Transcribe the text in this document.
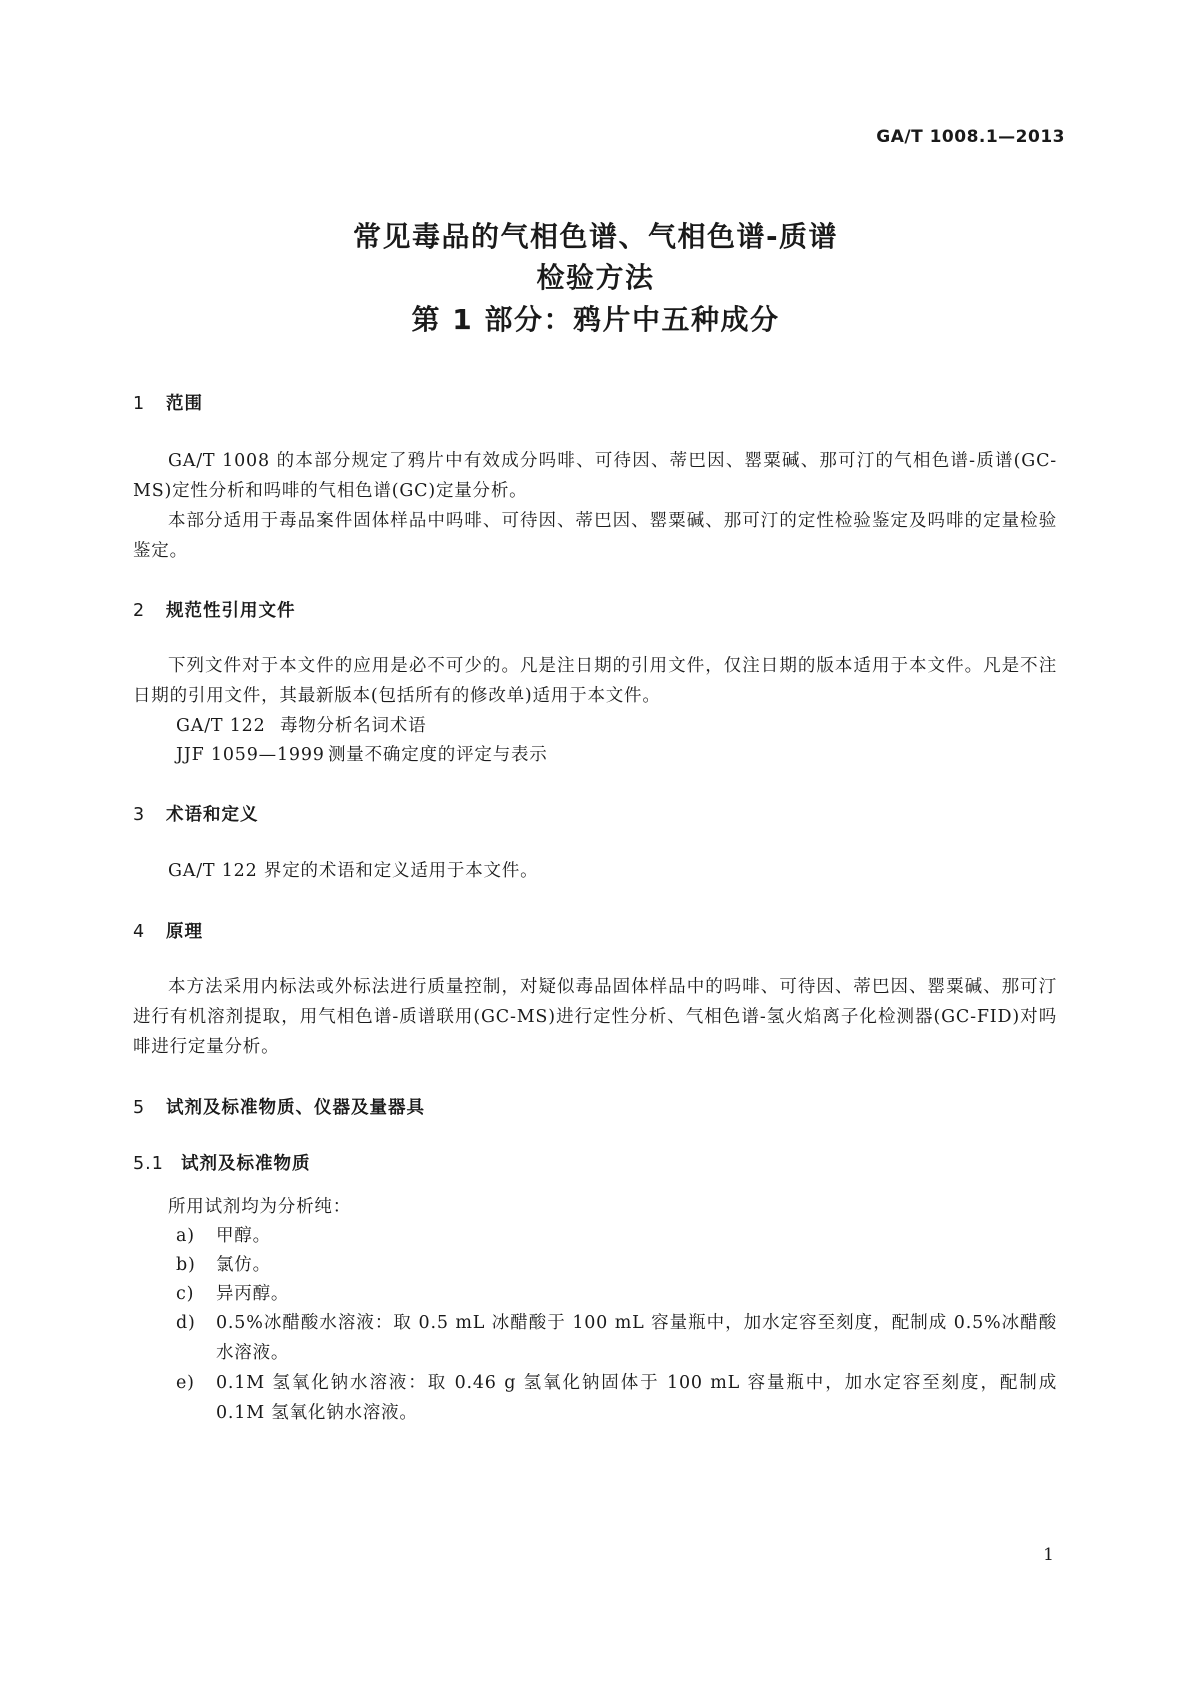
GA/T 1008.1—2013
常见毒品的气相色谱、气相色谱-质谱
检验方法
第 1 部分：鸦片中五种成分
1 范围

GA/T 1008 的本部分规定了鸦片中有效成分吗啡、可待因、蒂巴因、罂粟碱、那可汀的气相色谱-质谱(GC-MS)定性分析和吗啡的气相色谱(GC)定量分析。

本部分适用于毒品案件固体样品中吗啡、可待因、蒂巴因、罂粟碱、那可汀的定性检验鉴定及吗啡的定量检验鉴定。

2 规范性引用文件

下列文件对于本文件的应用是必不可少的。凡是注日期的引用文件，仅注日期的版本适用于本文件。凡是不注日期的引用文件，其最新版本(包括所有的修改单)适用于本文件。

GA/T 122 毒物分析名词术语
JJF 1059—1999 测量不确定度的评定与表示
3 术语和定义

GA/T 122 界定的术语和定义适用于本文件。

4 原理

本方法采用内标法或外标法进行质量控制，对疑似毒品固体样品中的吗啡、可待因、蒂巴因、罂粟碱、那可汀进行有机溶剂提取，用气相色谱-质谱联用(GC-MS)进行定性分析、气相色谱-氢火焰离子化检测器(GC-FID)对吗啡进行定量分析。

5 试剂及标准物质、仪器及量器具
5.1 试剂及标准物质

所用试剂均为分析纯：

a) 甲醇。
b) 氯仿。
c) 异丙醇。
d) 0.5%冰醋酸水溶液：取 0.5 mL 冰醋酸于 100 mL 容量瓶中，加水定容至刻度，配制成 0.5%冰醋酸水溶液。
e) 0.1M 氢氧化钠水溶液：取 0.46 g 氢氧化钠固体于 100 mL 容量瓶中，加水定容至刻度，配制成 0.1M 氢氧化钠水溶液。
1
